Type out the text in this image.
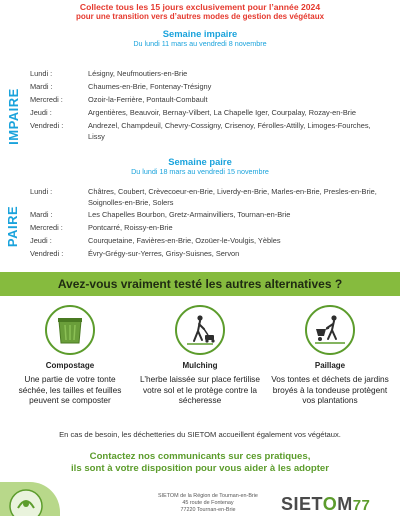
Collecte tous les 15 jours exclusivement pour l’année 2024
pour une transition vers d’autres modes de gestion des végétaux
Semaine impaire
Du lundi 11 mars au vendredi 8 novembre
IMPAIRE
Lundi :	Lésigny, Neufmoutiers-en-Brie
Mardi :	Chaumes-en-Brie, Fontenay-Trésigny
Mercredi :	Ozoir-la-Ferrière, Pontault-Combault
Jeudi :	Argentières, Beauvoir, Bernay-Vilbert, La Chapelle Iger, Courpalay, Rozay-en-Brie
Vendredi :	Andrezel, Champdeuil, Chevry-Cossigny, Crisenoy, Férolles-Attilly, Limoges-Fourches, Lissy
Semaine paire
Du lundi 18 mars au vendredi 15 novembre
PAIRE
Lundi :	Châtres, Coubert, Crèvecoeur-en-Brie, Liverdy-en-Brie, Marles-en-Brie, Presles-en-Brie, Soignolles-en-Brie, Solers
Mardi :	Les Chapelles Bourbon, Gretz-Armainvilliers, Tournan-en-Brie
Mercredi :	Pontcarré, Roissy-en-Brie
Jeudi :	Courquetaine, Favières-en-Brie, Ozoüer-le-Voulgis, Yèbles
Vendredi :	Évry-Grégy-sur-Yerres, Grisy-Suisnes, Servon
Avez-vous vraiment testé les autres alternatives ?
Compostage
Une partie de votre tonte séchée, les tailles et feuilles peuvent se composter
Mulching
L’herbe laissée sur place fertilise votre sol et le protège contre la sécheresse
Paillage
Vos tontes et déchets de jardins broyés à la tondeuse protègent vos plantations
En cas de besoin, les déchetteries du SIETOM accueillent également vos végétaux.
Contactez nos communicants sur ces pratiques,
ils sont à votre disposition pour vous aider à les adopter
SIETOM de la Région de Tournan-en-Brie
45 route de Fontenay
77220 Tournan-en-Brie	SIETOM77
